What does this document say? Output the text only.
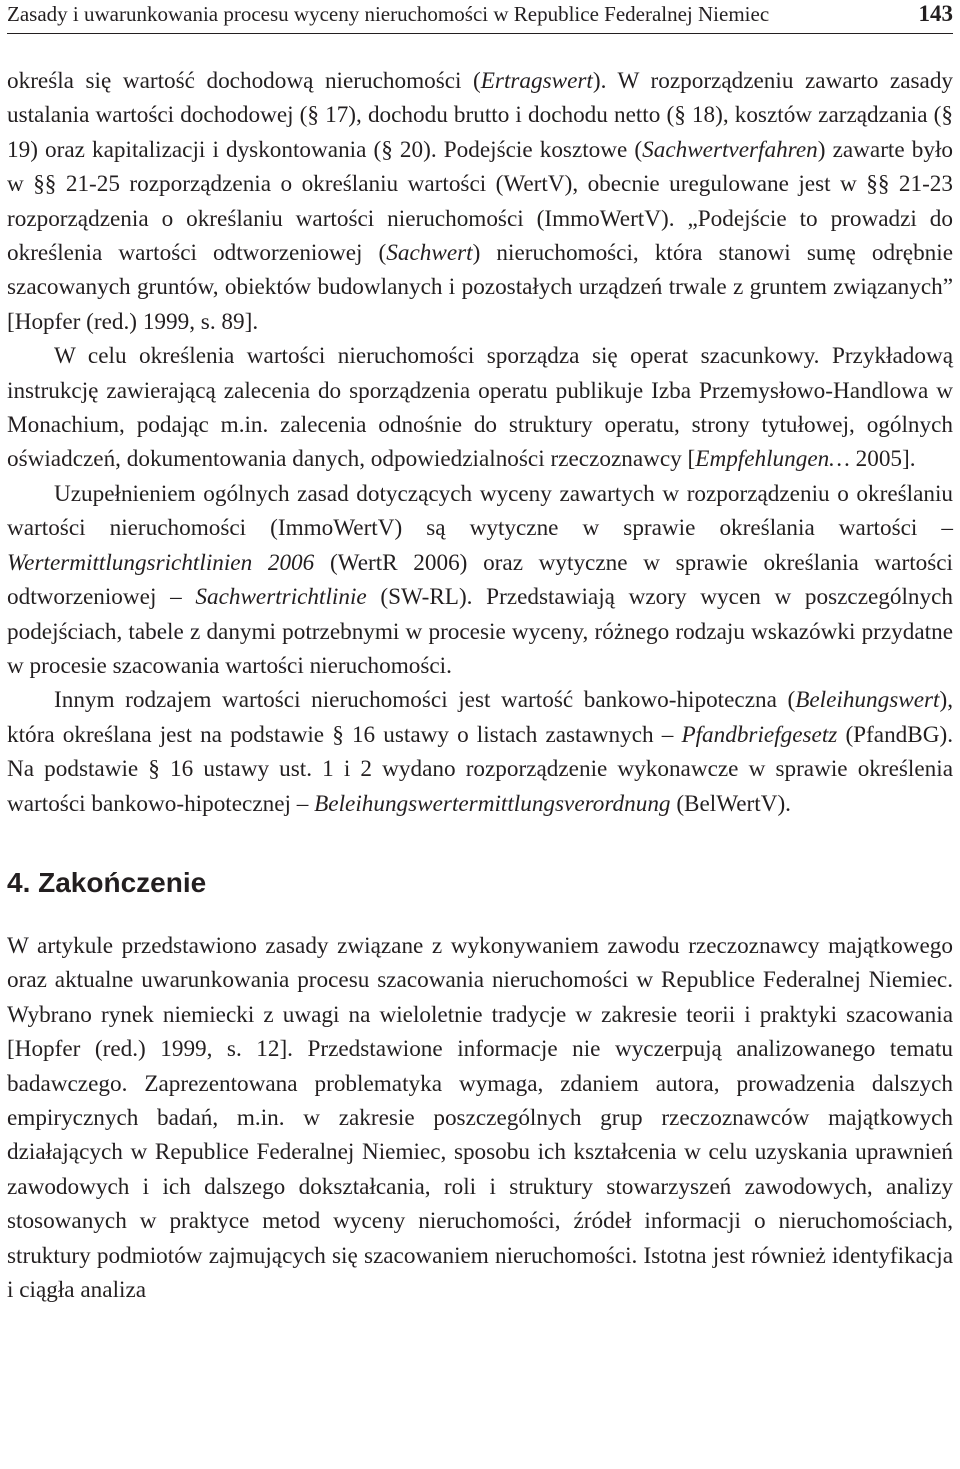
Zasady i uwarunkowania procesu wyceny nieruchomości w Republice Federalnej Niemiec	143

określa się wartość dochodową nieruchomości (Ertragswert). W rozporządzeniu zawarto zasady ustalania wartości dochodowej (§ 17), dochodu brutto i dochodu netto (§ 18), kosztów zarządzania (§ 19) oraz kapitalizacji i dyskontowania (§ 20). Podejście kosztowe (Sachwertverfahren) zawarte było w §§ 21-25 rozporządzenia o określaniu wartości (WertV), obecnie uregulowane jest w §§ 21-23 rozporządzenia o określaniu wartości nieruchomości (ImmoWertV). „Podejście to prowadzi do określenia wartości odtworzeniowej (Sachwert) nieruchomości, która stanowi sumę odrębnie szacowanych gruntów, obiektów budowlanych i pozostałych urządzeń trwale z gruntem związanych” [Hopfer (red.) 1999, s. 89].

W celu określenia wartości nieruchomości sporządza się operat szacunkowy. Przykładową instrukcję zawierającą zalecenia do sporządzenia operatu publikuje Izba Przemysłowo-Handlowa w Monachium, podając m.in. zalecenia odnośnie do struktury operatu, strony tytułowej, ogólnych oświadczeń, dokumentowania danych, odpowiedzialności rzeczoznawcy [Empfehlungen… 2005].

Uzupełnieniem ogólnych zasad dotyczących wyceny zawartych w rozporządzeniu o określaniu wartości nieruchomości (ImmoWertV) są wytyczne w sprawie określania wartości – Wertermittlungsrichtlinien 2006 (WertR 2006) oraz wytyczne w sprawie określania wartości odtworzeniowej – Sachwertrichtlinie (SW-RL). Przedstawiają wzory wycen w poszczególnych podejściach, tabele z danymi potrzebnymi w procesie wyceny, różnego rodzaju wskazówki przydatne w procesie szacowania wartości nieruchomości.

Innym rodzajem wartości nieruchomości jest wartość bankowo-hipoteczna (Beleihungswert), która określana jest na podstawie § 16 ustawy o listach zastawnych – Pfandbriefgesetz (PfandBG). Na podstawie § 16 ustawy ust. 1 i 2 wydano rozporządzenie wykonawcze w sprawie określenia wartości bankowo-hipotecznej – Beleihungswertermittlungsverordnung (BelWertV).

4. Zakończenie

W artykule przedstawiono zasady związane z wykonywaniem zawodu rzeczoznawcy majątkowego oraz aktualne uwarunkowania procesu szacowania nieruchomości w Republice Federalnej Niemiec. Wybrano rynek niemiecki z uwagi na wieloletnie tradycje w zakresie teorii i praktyki szacowania [Hopfer (red.) 1999, s. 12]. Przedstawione informacje nie wyczerpują analizowanego tematu badawczego. Zaprezentowana problematyka wymaga, zdaniem autora, prowadzenia dalszych empirycznych badań, m.in. w zakresie poszczególnych grup rzeczoznawców majątkowych działających w Republice Federalnej Niemiec, sposobu ich kształcenia w celu uzyskania uprawnień zawodowych i ich dalszego dokształcania, roli i struktury stowarzyszeń zawodowych, analizy stosowanych w praktyce metod wyceny nieruchomości, źródeł informacji o nieruchomościach, struktury podmiotów zajmujących się szacowaniem nieruchomości. Istotna jest również identyfikacja i ciągła analiza
